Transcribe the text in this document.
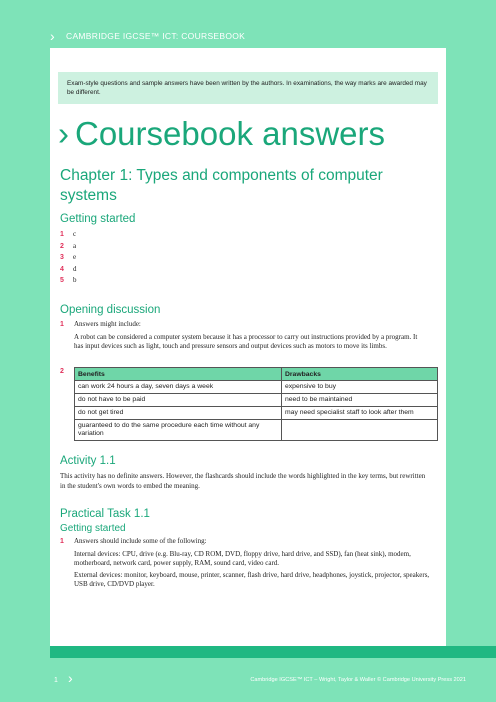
› CAMBRIDGE IGCSE™ ICT: COURSEBOOK
Exam-style questions and sample answers have been written by the authors. In examinations, the way marks are awarded may be different.
› Coursebook answers
Chapter 1: Types and components of computer systems
Getting started
1	c
2	a
3	e
4	d
5	b
Opening discussion
1 Answers might include:
A robot can be considered a computer system because it has a processor to carry out instructions provided by a program. It has input devices such as light, touch and pressure sensors and output devices such as motors to move its limbs.
2 Benefits	Drawbacks
can work 24 hours a day, seven days a week	expensive to buy
do not have to be paid	need to be maintained
do not get tired	may need specialist staff to look after them
guaranteed to do the same procedure each time without any variation	
Activity 1.1
This activity has no definite answers. However, the flashcards should include the words highlighted in the key terms, but rewritten in the student's own words to embed the meaning.
Practical Task 1.1
Getting started
1 Answers should include some of the following:
Internal devices: CPU, drive (e.g. Blu-ray, CD ROM, DVD, floppy drive, hard drive, and SSD), fan (heat sink), modem, motherboard, network card, power supply, RAM, sound card, video card.
External devices: monitor, keyboard, mouse, printer, scanner, flash drive, hard drive, headphones, joystick, projector, speakers, USB drive, CD/DVD player.
1 ›	Cambridge IGCSE™ ICT – Wright, Taylor & Waller © Cambridge University Press 2021
